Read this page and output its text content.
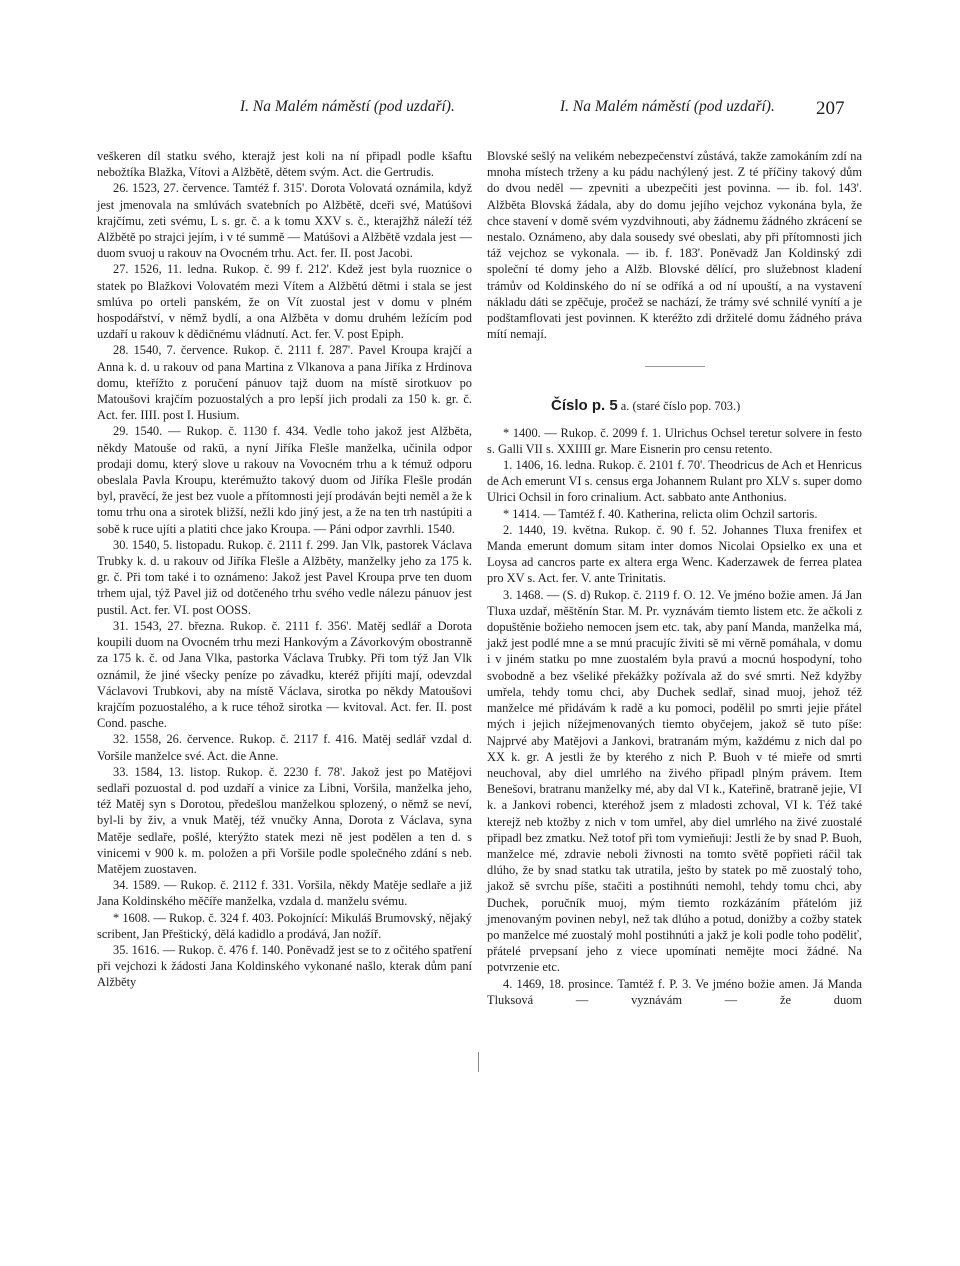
I. Na Malém náměstí (pod uzdaří).	I. Na Malém náměstí (pod uzdaří). 207

veškeren díl statku svého, kterajž jest koli na ní připadl podle kšaftu nebožtíka Blažka, Vítovi a Alžbětě, dětem svým. Act. die Gertrudis.

26. 1523, 27. července. Tamtéž f. 315'. Dorota Volovatá oznámila, když jest jmenovala na smlúvách svatebních po Alžbětě, dceři své, Matúšovi krajčímu, zeti svému, L s. gr. č. a k tomu XXV s. č., kterajžhž náleží též Alžbětě po strajci jejím, i v té summě — Matúšovi a Alžbětě vzdala jest — duom svuoj u rakouv na Ovocném trhu. Act. fer. II. post Jacobi.

27. 1526, 11. ledna. Rukop. č. 99 f. 212'. Kdež jest byla ruoznice o statek po Blažkovi Volovatém mezi Vítem a Alžbětú dětmi i stala se jest smlúva po orteli panském, že on Vít zuostal jest v domu v plném hospodářství, v němž bydlí, a ona Alžběta v domu druhém ležícím pod uzdaří u rakouv k dědičnému vládnutí. Act. fer. V. post Epiph.

28. 1540, 7. července. Rukop. č. 2111 f. 287'. Pavel Kroupa krajčí a Anna k. d. u rakouv od pana Martina z Vlkanova a pana Jiříka z Hrdinova domu, kteřížto z poručení pánuov tajž duom na místě sirotkuov po Matoušovi krajčím pozuostalých a pro lepší jich prodali za 150 k. gr. č. Act. fer. IIII. post I. Husium.

29. 1540. — Rukop. č. 1130 f. 434. Vedle toho jakož jest Alžběta, někdy Matouše od rakū, a nyní Jiříka Flešle manželka, učinila odpor prodaji domu, který slove u rakouv na Vovocném trhu a k témuž odporu obeslala Pavla Kroupu, kterémužto takový duom od Jiříka Flešle prodán byl, pravěcí, že jest bez vuole a přítomnosti její prodáván bejti neměl a že k tomu trhu ona a sirotek bližší, nežli kdo jiný jest, a že na ten trh nastúpiti a sobě k ruce ujíti a platiti chce jako Kroupa. — Páni odpor zavrhli. 1540.

30. 1540, 5. listopadu. Rukop. č. 2111 f. 299. Jan Vlk, pastorek Václava Trubky k. d. u rakouv od Jiříka Flešle a Alžběty, manželky jeho za 175 k. gr. č. Při tom také i to oznámeno: Jakož jest Pavel Kroupa prve ten duom trhem ujal, týž Pavel již od dotčeného trhu svého vedle nálezu pánuov jest pustil. Act. fer. VI. post OOSS.

31. 1543, 27. března. Rukop. č. 2111 f. 356'. Matěj sedlář a Dorota koupili duom na Ovocném trhu mezi Hankovým a Závorkovým obostranně za 175 k. č. od Jana Vlka, pastorka Václava Trubky. Při tom týž Jan Vlk oznámil, že jiné všecky peníze po závadku, kteréž přijíti mají, odevzdal Václavovi Trubkovi, aby na místě Václava, sirotka po někdy Matoušovi krajčím pozuostalého, a k ruce téhož sirotka — kvitoval. Act. fer. II. post Cond. pasche.

32. 1558, 26. července. Rukop. č. 2117 f. 416. Matěj sedlář vzdal d. Voršile manželce své. Act. die Anne.

33. 1584, 13. listop. Rukop. č. 2230 f. 78'. Jakož jest po Matějovi sedlaři pozuostal d. pod uzdaří a vinice za Libni, Voršila, manželka jeho, též Matěj syn s Dorotou, předešlou manželkou splozený, o němž se neví, byl-li by živ, a vnuk Matěj, též vnučky Anna, Dorota z Václava, syna Matěje sedlaře, pošlé, kterýžto statek mezi ně jest podělen a ten d. s vinicemi v 900 k. m. položen a při Voršile podle společného zdání s neb. Matějem zuostaven.

34. 1589. — Rukop. č. 2112 f. 331. Voršila, někdy Matěje sedlaře a již Jana Koldinského měčíře manželka, vzdala d. manželu svému.

* 1608. — Rukop. č. 324 f. 403. Pokojnící: Mikuláš Brumovský, nějaký scribent, Jan Přeštický, dělá kadidlo a prodává, Jan nožíř.

35. 1616. — Rukop. č. 476 f. 140. Poněvadž jest se to z očitého spatření při vejchozi k žádosti Jana Koldinského vykonané našlo, kterak dům paní Alžběty

Blovské sešlý na velikém nebezpečenství zůstává, takže zamokáním zdí na mnoha místech trženy a ku pádu nachýlený jest. Z té příčiny takový dům do dvou neděl — zpevniti a ubezpečiti jest povinna. — ib. fol. 143'. Alžběta Blovská žádala, aby do domu jejího vejchoz vykonána byla, že chce stavení v domě svém vyzdvihnouti, aby žádnemu žádného zkrácení se nestalo. Oznámeno, aby dala sousedy své obeslati, aby při přítomnosti jich táž vejchoz se vykonala. — ib. f. 183'. Poněvadž Jan Koldinský zdi společní té domy jeho a Alžb. Blovské dělící, pro služebnost kladení trámův od Koldinského do ní se odříká a od ní upouští, a na vystavení nákladu dáti se zpěčuje, pročež se nachází, že trámy své schnilé vynítí a je podštamflovati jest povinnen. K kteréžto zdi držitelé domu žádného práva mítí nemají.

Číslo p. 5 a. (staré číslo pop. 703.)

* 1400. — Rukop. č. 2099 f. 1. Ulrichus Ochsel teretur solvere in festo s. Galli VII s. XXIIII gr. Mare Eisnerin pro censu retento.

1. 1406, 16. ledna. Rukop. č. 2101 f. 70'. Theodricus de Ach et Henricus de Ach emerunt VI s. census erga Johannem Rulant pro XLV s. super domo Ulrici Ochsil in foro crinalium. Act. sabbato ante Anthonius.

* 1414. — Tamtéž f. 40. Katherina, relicta olim Ochzil sartoris.

2. 1440, 19. května. Rukop. č. 90 f. 52. Johannes Tluxa frenifex et Manda emerunt domum sitam inter domos Nicolai Opsielko ex una et Loysa ad cancros parte ex altera erga Wenc. Kaderzawek de ferrea platea pro XV s. Act. fer. V. ante Trinitatis.

3. 1468. — (S. d) Rukop. č. 2119 f. O. 12. Ve jméno božie amen. Já Jan Tluxa uzdař, měštěnín Star. M. Pr. vyznávám tiemto listem etc. že ačkoli z dopuštěnie božieho nemocen jsem etc. tak, aby paní Manda, manželka má, jakž jest podlé mne a se mnú pracujíc živiti sě mi věrně pomáhala, v domu i v jiném statku po mne zuostalém byla pravú a mocnú hospodyní, toho svobodně a bez všeliké překážky požívala až do své smrti. Než kdyžby umřela, tehdy tomu chci, aby Duchek sedlař, sinad muoj, jehož též manželce mé přidávám k radě a ku pomoci, podělil po smrti jejie přátel mých i jejich nížejmenovaných tiemto obyčejem, jakož sě tuto píše: Najprvé aby Matějovi a Jankovi, bratranám mým, každému z nich dal po XX k. gr. A jestli že by kterého z nich P. Buoh v té mieře od smrti neuchoval, aby diel umrlého na živého připadl plným právem. Item Benešovi, bratranu manželky mé, aby dal VI k., Kateřině, bratraně jejie, VI k. a Jankovi robenci, kteréhož jsem z mladosti zchoval, VI k. Též také kterejž neb ktožby z nich v tom umřel, aby diel umrlého na živé zuostalé připadl bez zmatku. Než totof při tom vymieňuji: Jestli že by snad P. Buoh, manželce mé, zdravie neboli živnosti na tomto světě popřieti ráčil tak dlúho, že by snad statku tak utratila, ješto by statek po mě zuostalý toho, jakož sě svrchu píše, stačiti a postihnúti nemohl, tehdy tomu chci, aby Duchek, poručník muoj, mým tiemto rozkázáním přátelóm již jmenovaným povinen nebyl, než tak dlúho a potud, donižby a cožby statek po manželce mé zuostalý mohl postihnúti a jakž je koli podle toho poděliť, přátelé prvepsaní jeho z viece upomínati nemějte moci žádné. Na potvrzenie etc.

4. 1469, 18. prosince. Tamtéž f. P. 3. Ve jméno božie amen. Já Manda Tluksová — vyznávám — že duom
